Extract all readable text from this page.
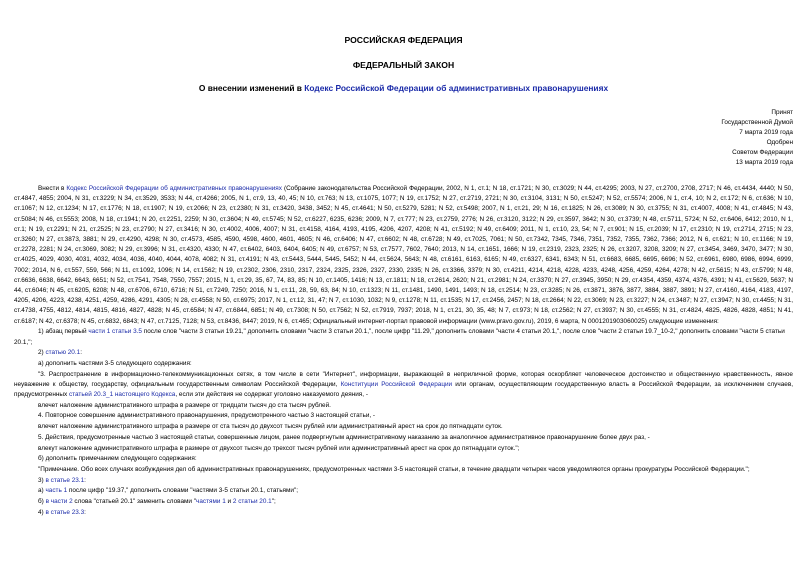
РОССИЙСКАЯ ФЕДЕРАЦИЯ
ФЕДЕРАЛЬНЫЙ ЗАКОН
О внесении изменений в Кодекс Российской Федерации об административных правонарушениях
Принят
Государственной Думой
7 марта 2019 года
Одобрен
Советом Федерации
13 марта 2019 года

Внести в Кодекс Российской Федерации об административных правонарушениях (Собрание законодательства Российской Федерации, 2002, N 1, ст.1; N 18, ст.1721; N 30, ст.3029; N 44, ст.4295; 2003, N 27, ст.2700, 2708, 2717; N 46, ст.4434, 4440; N 50, ст.4847, 4855; 2004, N 31, ст.3229; N 34, ст.3529, 3533; N 44, ст.4266; 2005, N 1, ст.9, 13, 40, 45; N 10, ст.763; N 13, ст.1075, 1077; N 19, ст.1752; N 27, ст.2719, 2721; N 30, ст.3104, 3131; N 50, ст.5247; N 52, ст.5574; 2006, N 1, ст.4, 10; N 2, ст.172; N 6, ст.636; N 10, ст.1067; N 12, ст.1234; N 17, ст.1776; N 18, ст.1907; N 19, ст.2066; N 23, ст.2380; N 31, ст.3420, 3438, 3452; N 45, ст.4641; N 50, ст.5279, 5281; N 52, ст.5498; 2007, N 1, ст.21, 29; N 16, ст.1825; N 26, ст.3089; N 30, ст.3755; N 31, ст.4007, 4008; N 41, ст.4845; N 43, ст.5084; N 46, ст.5553; 2008, N 18, ст.1941; N 20, ст.2251, 2259; N 30, ст.3604; N 49, ст.5745; N 52, ст.6227, 6235, 6236; 2009, N 7, ст.777; N 23, ст.2759, 2776; N 26, ст.3120, 3122; N 29, ст.3597, 3642; N 30, ст.3739; N 48, ст.5711, 5724; N 52, ст.6406, 6412; 2010, N 1, ст.1; N 19, ст.2291; N 21, ст.2525; N 23, ст.2790; N 27, ст.3416; N 30, ст.4002, 4006, 4007; N 31, ст.4158, 4164, 4193, 4195, 4206, 4207, 4208; N 41, ст.5192; N 49, ст.6409; 2011, N 1, ст.10, 23, 54; N 7, ст.901; N 15, ст.2039; N 17, ст.2310; N 19, ст.2714, 2715; N 23, ст.3260; N 27, ст.3873, 3881; N 29, ст.4290, 4298; N 30, ст.4573, 4585, 4590, 4598, 4600, 4601, 4605; N 46, ст.6406; N 47, ст.6602; N 48, ст.6728; N 49, ст.7025, 7061; N 50, ст.7342, 7345, 7346, 7351, 7352, 7355, 7362, 7366; 2012, N 6, ст.621; N 10, ст.1166; N 19, ст.2278, 2281; N 24, ст.3069, 3082; N 29, ст.3996; N 31, ст.4320, 4330; N 47, ст.6402, 6403, 6404, 6405; N 49, ст.6757; N 53, ст.7577, 7602, 7640; 2013, N 14, ст.1651, 1666; N 19, ст.2319, 2323, 2325; N 26, ст.3207, 3208, 3209; N 27, ст.3454, 3469, 3470, 3477; N 30, ст.4025, 4029, 4030, 4031, 4032, 4034, 4036, 4040, 4044, 4078, 4082; N 31, ст.4191; N 43, ст.5443, 5444, 5445, 5452; N 44, ст.5624, 5643; N 48, ст.6161, 6163, 6165; N 49, ст.6327, 6341, 6343; N 51, ст.6683, 6685, 6695, 6696; N 52, ст.6961, 6980, 6986, 6994, 6999, 7002; 2014, N 6, ст.557, 559, 566; N 11, ст.1092, 1096; N 14, ст.1562; N 19, ст.2302, 2306, 2310, 2317, 2324, 2325, 2326, 2327, 2330, 2335; N 26, ст.3366, 3379; N 30, ст.4211, 4214, 4218, 4228, 4233, 4248, 4256, 4259, 4264, 4278; N 42, ст.5615; N 43, ст.5799; N 48, ст.6636, 6638, 6642, 6643, 6651; N 52, ст.7541, 7548, 7550, 7557; 2015, N 1, ст.29, 35, 67, 74, 83, 85; N 10, ст.1405, 1416; N 13, ст.1811; N 18, ст.2614, 2620; N 21, ст.2981; N 24, ст.3370; N 27, ст.3945, 3950; N 29, ст.4354, 4359, 4374, 4376, 4391; N 41, ст.5629, 5637; N 44, ст.6046; N 45, ст.6205, 6208; N 48, ст.6706, 6710, 6716; N 51, ст.7249, 7250; 2016, N 1, ст.11, 28, 59, 63, 84; N 10, ст.1323; N 11, ст.1481, 1490, 1491, 1493; N 18, ст.2514; N 23, ст.3285; N 26, ст.3871, 3876, 3877, 3884, 3887, 3891; N 27, ст.4160, 4164, 4183, 4197, 4205, 4206, 4223, 4238, 4251, 4259, 4286, 4291, 4305; N 28, ст.4558; N 50, ст.6975; 2017, N 1, ст.12, 31, 47; N 7, ст.1030, 1032; N 9, ст.1278; N 11, ст.1535; N 17, ст.2456, 2457; N 18, ст.2664; N 22, ст.3069; N 23, ст.3227; N 24, ст.3487; N 27, ст.3947; N 30, ст.4455; N 31, ст.4738, 4755, 4812, 4814, 4815, 4816, 4827, 4828; N 45, ст.6584; N 47, ст.6844, 6851; N 49, ст.7308; N 50, ст.7562; N 52, ст.7919, 7937; 2018, N 1, ст.21, 30, 35, 48; N 7, ст.973; N 18, ст.2562; N 27, ст.3937; N 30, ст.4555; N 31, ст.4824, 4825, 4826, 4828, 4851; N 41, ст.6187; N 42, ст.6378; N 45, ст.6832, 6843; N 47, ст.7125, 7128; N 53, ст.8436, 8447; 2019, N 6, ст.465; Официальный интернет-портал правовой информации (www.pravo.gov.ru), 2019, 6 марта, N 0001201903060025) следующие изменения:

1) абзац первый части 1 статьи 3.5 после слов "части 3 статьи 19.21," дополнить словами "части 3 статьи 20.1,", после цифр "11.29," дополнить словами "части 4 статьи 20.1,", после слов "части 2 статьи 19.7_10-2," дополнить словами "части 5 статьи 20.1,";

2) статью 20.1:

а) дополнить частями 3-5 следующего содержания:

"3. Распространение в информационно-телекоммуникационных сетях, в том числе в сети "Интернет", информации, выражающей в неприличной форме, которая оскорбляет человеческое достоинство и общественную нравственность, явное неуважение к обществу, государству, официальным государственным символам Российской Федерации, Конституции Российской Федерации или органам, осуществляющим государственную власть в Российской Федерации, за исключением случаев, предусмотренных статьей 20.3_1 настоящего Кодекса, если эти действия не содержат уголовно наказуемого деяния, -

влечет наложение административного штрафа в размере от тридцати тысяч до ста тысяч рублей.

4. Повторное совершение административного правонарушения, предусмотренного частью 3 настоящей статьи, -

влечет наложение административного штрафа в размере от ста тысяч до двухсот тысяч рублей или административный арест на срок до пятнадцати суток.

5. Действия, предусмотренные частью 3 настоящей статьи, совершенные лицом, ранее подвергнутым административному наказанию за аналогичное административное правонарушение более двух раз, -

влекут наложение административного штрафа в размере от двухсот тысяч до трехсот тысяч рублей или административный арест на срок до пятнадцати суток.";

б) дополнить примечанием следующего содержания:

"Примечание. Обо всех случаях возбуждения дел об административных правонарушениях, предусмотренных частями 3-5 настоящей статьи, в течение двадцати четырех часов уведомляются органы прокуратуры Российской Федерации.";

3) в статье 23.1:

а) часть 1 после цифр "19.37," дополнить словами "частями 3-5 статьи 20.1, статьями";

б) в части 2 слова "статьей 20.1" заменить словами "частями 1 и 2 статьи 20.1";

4) в статье 23.3:
